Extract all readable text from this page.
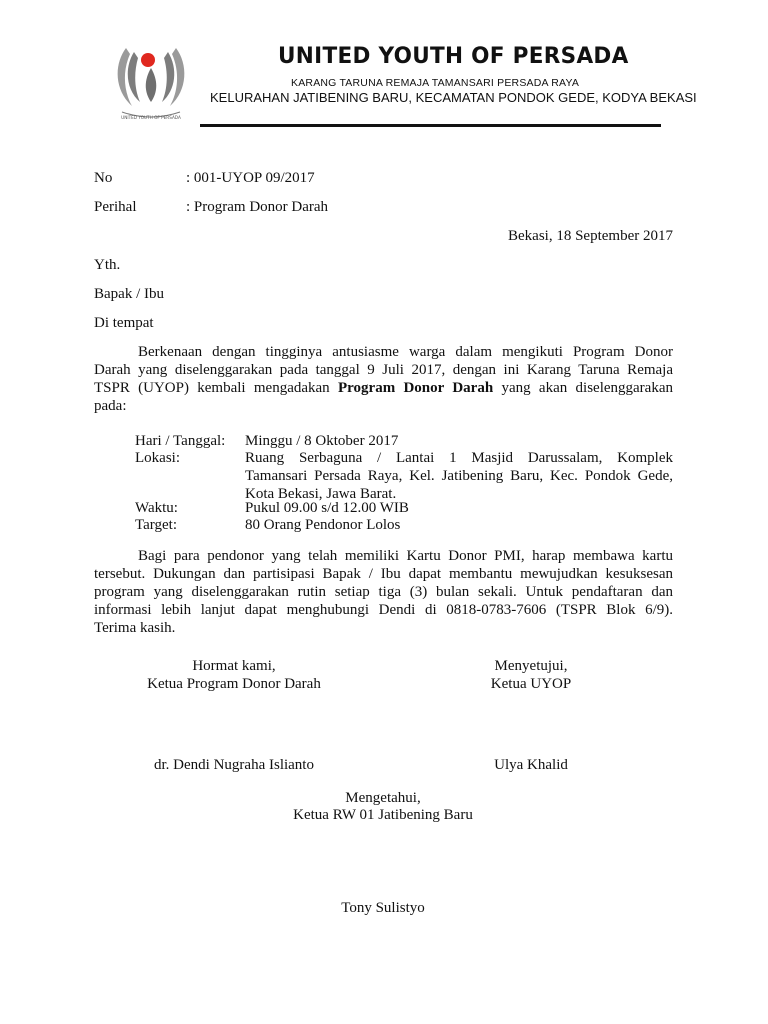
UNITED YOUTH OF PERSADA
UNITED YOUTH OF PERSADA
KARANG TARUNA REMAJA TAMANSARI PERSADA RAYA
KELURAHAN JATIBENING BARU, KECAMATAN PONDOK GEDE, KODYA BEKASI
No	: 001-UYOP 09/2017
Perihal	: Program Donor Darah
Bekasi, 18 September 2017
Yth.
Bapak / Ibu
Di tempat
Berkenaan dengan tingginya antusiasme warga dalam mengikuti Program Donor
Darah yang diselenggarakan pada tanggal 9 Juli 2017, dengan ini Karang Taruna Remaja
TSPR (UYOP) kembali mengadakan Program Donor Darah yang akan diselenggarakan
pada:
Hari / Tanggal: Minggu / 8 Oktober 2017
Lokasi:	Ruang Serbaguna / Lantai 1 Masjid Darussalam, Komplek
Tamansari Persada Raya, Kel. Jatibening Baru, Kec. Pondok Gede,
Kota Bekasi, Jawa Barat.
Waktu:	Pukul 09.00 s/d 12.00 WIB
Target:	80 Orang Pendonor Lolos
Bagi para pendonor yang telah memiliki Kartu Donor PMI, harap membawa kartu
tersebut. Dukungan dan partisipasi Bapak / Ibu dapat membantu mewujudkan kesuksesan
program yang diselenggarakan rutin setiap tiga (3) bulan sekali. Untuk pendaftaran dan
informasi lebih lanjut dapat menghubungi Dendi di 0818-0783-7606 (TSPR Blok 6/9).
Terima kasih.
Hormat kami,
Ketua Program Donor Darah
dr. Dendi Nugraha Islianto
Menyetujui,
Ketua UYOP
Ulya Khalid
Mengetahui,
Ketua RW 01 Jatibening Baru
Tony Sulistyo
